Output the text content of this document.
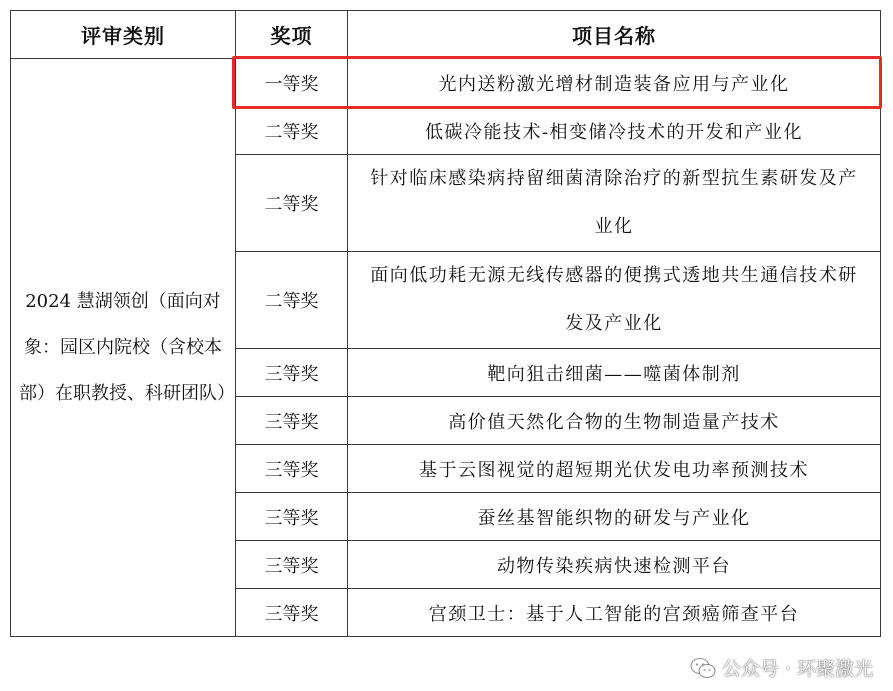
评审类别	奖项	项目名称
2024 慧湖领创（面向对象：园区内院校（含校本部）在职教授、科研团队）	一等奖	光内送粉激光增材制造装备应用与产业化
	二等奖	低碳冷能技术-相变储冷技术的开发和产业化
	二等奖	针对临床感染病持留细菌清除治疗的新型抗生素研发及产业化
	二等奖	面向低功耗无源无线传感器的便携式透地共生通信技术研发及产业化
	三等奖	靶向狙击细菌——噬菌体制剂
	三等奖	高价值天然化合物的生物制造量产技术
	三等奖	基于云图视觉的超短期光伏发电功率预测技术
	三等奖	蚕丝基智能织物的研发与产业化
	三等奖	动物传染疾病快速检测平台
	三等奖	宫颈卫士：基于人工智能的宫颈癌筛查平台
公众号 · 环聚激光
